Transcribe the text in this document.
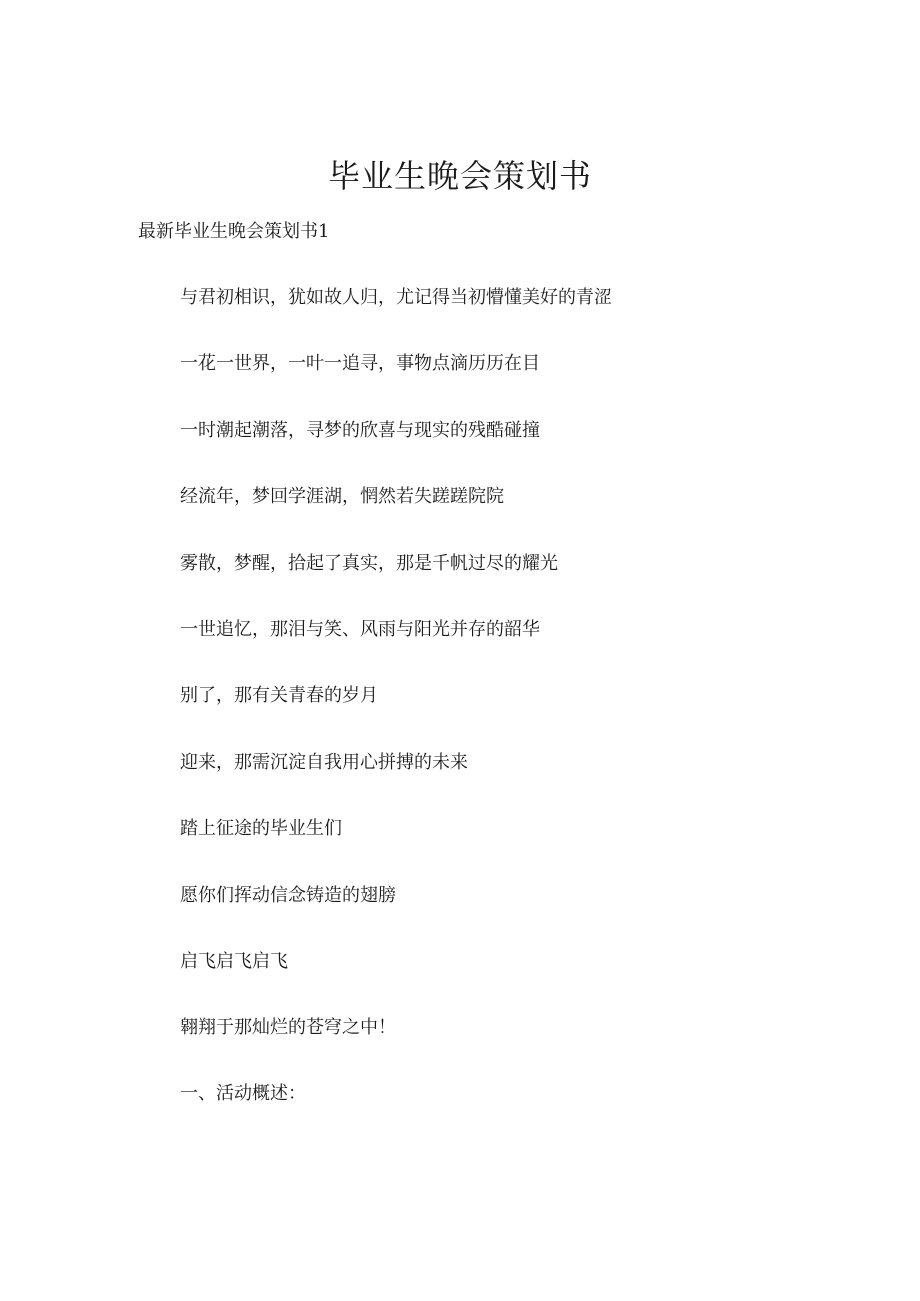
毕业生晚会策划书
最新毕业生晚会策划书1
与君初相识，犹如故人归，尤记得当初懵懂美好的青涩
一花一世界，一叶一追寻，事物点滴历历在目
一时潮起潮落，寻梦的欣喜与现实的残酷碰撞
经流年，梦回学涯湖，惘然若失蹉蹉院院
雾散，梦醒，拾起了真实，那是千帆过尽的耀光
一世追忆，那泪与笑、风雨与阳光并存的韶华
别了，那有关青春的岁月
迎来，那需沉淀自我用心拼搏的未来
踏上征途的毕业生们
愿你们挥动信念铸造的翅膀
启飞启飞启飞
翱翔于那灿烂的苍穹之中！
一、活动概述：
